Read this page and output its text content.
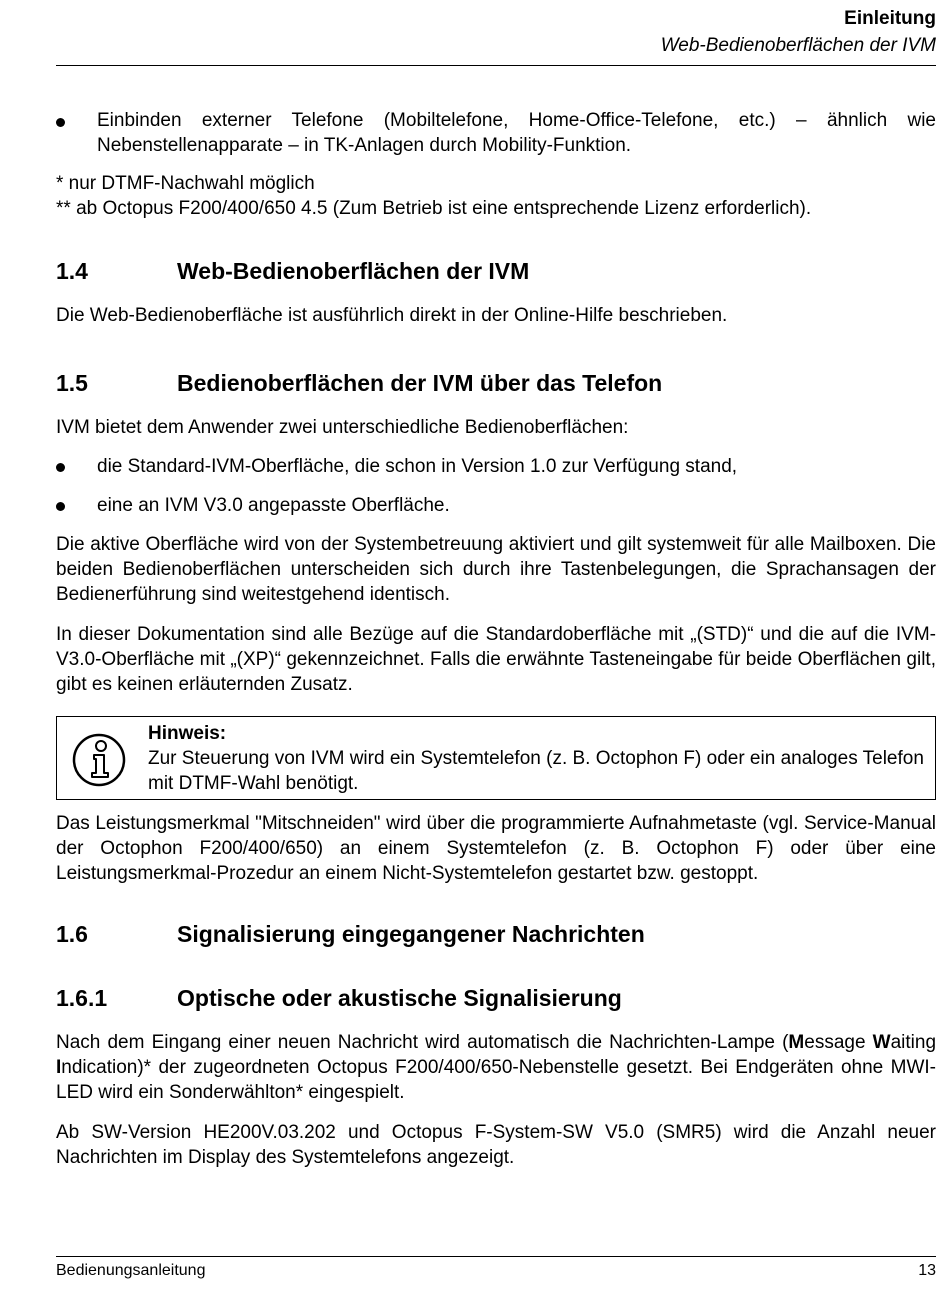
Einleitung
Web-Bedienoberflächen der IVM
Einbinden externer Telefone (Mobiltelefone, Home-Office-Telefone, etc.) – ähnlich wie Nebenstellenapparate – in TK-Anlagen durch Mobility-Funktion.
* nur DTMF-Nachwahl möglich
** ab Octopus F200/400/650 4.5 (Zum Betrieb ist eine entsprechende Lizenz erforderlich).
1.4	Web-Bedienoberflächen der IVM
Die Web-Bedienoberfläche ist ausführlich direkt in der Online-Hilfe beschrieben.
1.5	Bedienoberflächen der IVM über das Telefon
IVM bietet dem Anwender zwei unterschiedliche Bedienoberflächen:
die Standard-IVM-Oberfläche, die schon in Version 1.0 zur Verfügung stand,
eine an IVM V3.0 angepasste Oberfläche.
Die aktive Oberfläche wird von der Systembetreuung aktiviert und gilt systemweit für alle Mailboxen. Die beiden Bedienoberflächen unterscheiden sich durch ihre Tastenbelegungen, die Sprachansagen der Bedienerführung sind weitestgehend identisch.
In dieser Dokumentation sind alle Bezüge auf die Standardoberfläche mit „(STD)“ und die auf die IVM-V3.0-Oberfläche mit „(XP)“ gekennzeichnet. Falls die erwähnte Tasteneingabe für beide Oberflächen gilt, gibt es keinen erläuternden Zusatz.
Hinweis:
Zur Steuerung von IVM wird ein Systemtelefon (z. B. Octophon F) oder ein analoges Telefon mit DTMF-Wahl benötigt.
Das Leistungsmerkmal "Mitschneiden" wird über die programmierte Aufnahmetaste (vgl. Service-Manual der Octophon F200/400/650) an einem Systemtelefon (z. B. Octophon F) oder über eine Leistungsmerkmal-Prozedur an einem Nicht-Systemtelefon gestartet bzw. gestoppt.
1.6	Signalisierung eingegangener Nachrichten
1.6.1	Optische oder akustische Signalisierung
Nach dem Eingang einer neuen Nachricht wird automatisch die Nachrichten-Lampe (Message Waiting Indication)* der zugeordneten Octopus F200/400/650-Nebenstelle gesetzt. Bei Endgeräten ohne MWI-LED wird ein Sonderwählton* eingespielt.
Ab SW-Version HE200V.03.202 und Octopus F-System-SW V5.0 (SMR5) wird die Anzahl neuer Nachrichten im Display des Systemtelefons angezeigt.
Bedienungsanleitung	13
